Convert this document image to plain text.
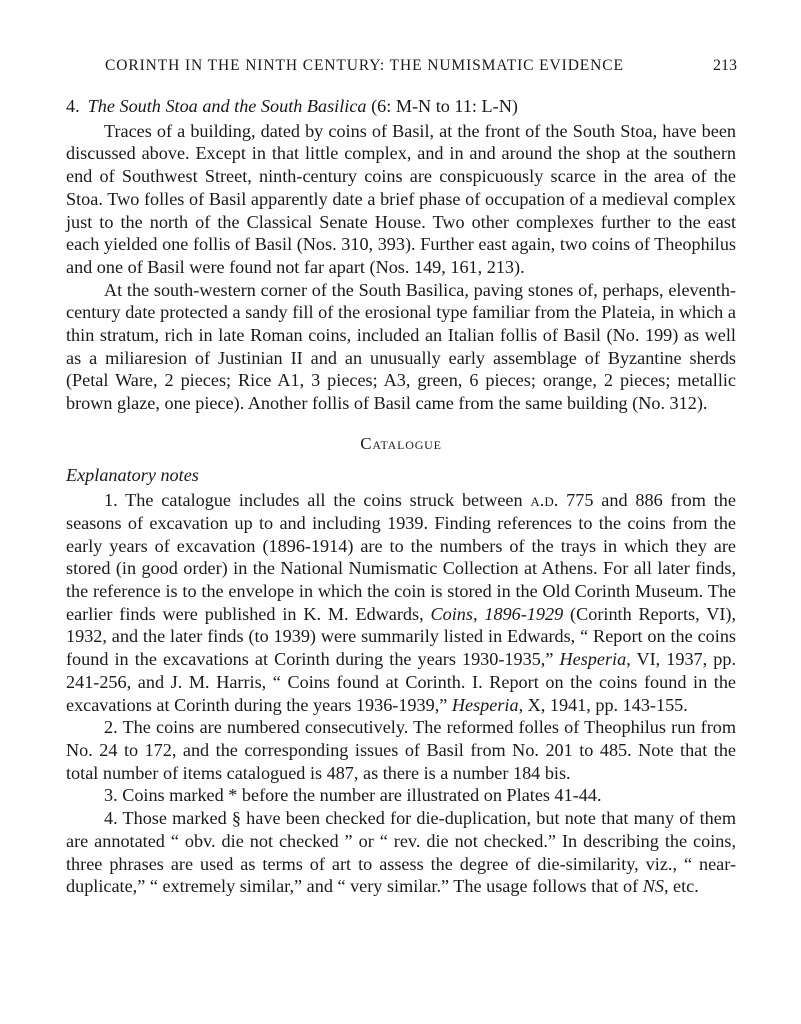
CORINTH IN THE NINTH CENTURY: THE NUMISMATIC EVIDENCE	213
4. The South Stoa and the South Basilica (6: M-N to 11: L-N)

Traces of a building, dated by coins of Basil, at the front of the South Stoa, have been discussed above. Except in that little complex, and in and around the shop at the southern end of Southwest Street, ninth-century coins are conspicuously scarce in the area of the Stoa. Two folles of Basil apparently date a brief phase of occupation of a medieval complex just to the north of the Classical Senate House. Two other complexes further to the east each yielded one follis of Basil (Nos. 310, 393). Further east again, two coins of Theophilus and one of Basil were found not far apart (Nos. 149, 161, 213).

At the south-western corner of the South Basilica, paving stones of, perhaps, eleventh-century date protected a sandy fill of the erosional type familiar from the Plateia, in which a thin stratum, rich in late Roman coins, included an Italian follis of Basil (No. 199) as well as a miliaresion of Justinian II and an unusually early assemblage of Byzantine sherds (Petal Ware, 2 pieces; Rice A1, 3 pieces; A3, green, 6 pieces; orange, 2 pieces; metallic brown glaze, one piece). Another follis of Basil came from the same building (No. 312).

Catalogue
Explanatory notes

1. The catalogue includes all the coins struck between a.d. 775 and 886 from the seasons of excavation up to and including 1939. Finding references to the coins from the early years of excavation (1896-1914) are to the numbers of the trays in which they are stored (in good order) in the National Numismatic Collection at Athens. For all later finds, the reference is to the envelope in which the coin is stored in the Old Corinth Museum. The earlier finds were published in K. M. Edwards, Coins, 1896-1929 (Corinth Reports, VI), 1932, and the later finds (to 1939) were summarily listed in Edwards, “ Report on the coins found in the excavations at Corinth during the years 1930-1935,” Hesperia, VI, 1937, pp. 241-256, and J. M. Harris, “ Coins found at Corinth. I. Report on the coins found in the excavations at Corinth during the years 1936-1939,” Hesperia, X, 1941, pp. 143-155.

2. The coins are numbered consecutively. The reformed folles of Theophilus run from No. 24 to 172, and the corresponding issues of Basil from No. 201 to 485. Note that the total number of items catalogued is 487, as there is a number 184 bis.

3. Coins marked * before the number are illustrated on Plates 41-44.

4. Those marked § have been checked for die-duplication, but note that many of them are annotated “ obv. die not checked ” or “ rev. die not checked.” In describing the coins, three phrases are used as terms of art to assess the degree of die-similarity, viz., “ near-duplicate,” “ extremely similar,” and “ very similar.” The usage follows that of NS, etc.
